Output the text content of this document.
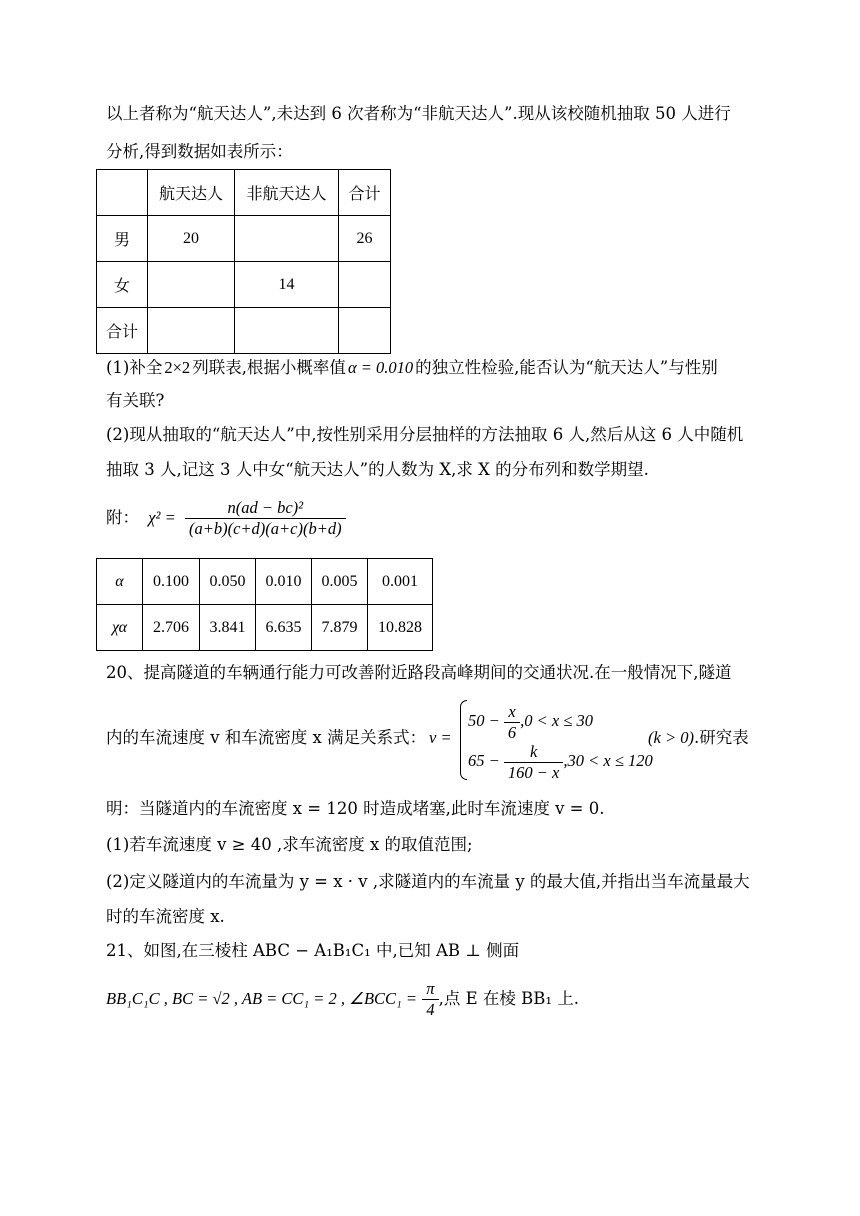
以上者称为“航天达人”,未达到 6 次者称为“非航天达人”.现从该校随机抽取 50 人进行
分析,得到数据如表所示：
	航天达人	非航天达人	合计
男	20		26
女		14	
合计			
(1)补全 2×2 列联表,根据小概率值 α = 0.010 的独立性检验,能否认为“航天达人”与性别
有关联?
(2)现从抽取的“航天达人”中,按性别采用分层抽样的方法抽取 6 人,然后从这 6 人中随机
抽取 3 人,记这 3 人中女“航天达人”的人数为 X,求 X 的分布列和数学期望.
附： $\chi^2 = \frac{\text{n(ad − bc)²}}{(a+b)(c+d)(a+c)(b+d)}$
α	0.100	0.050	0.010	0.005	0.001
χα	2.706	3.841	6.635	7.879	10.828
20、提高隧道的车辆通行能力可改善附近路段高峰期间的交通状况.在一般情况下,隧道
内的车流速度 v 和车流密度 x 满足关系式： v =
$50 - \frac{x}{6} ,0 < x \le 30$
$65 - \frac{k}{160 - x} ,30 < x \le 120$
(k > 0).研究表
明：当隧道内的车流密度 x = 120 时造成堵塞,此时车流速度 v = 0.
(1)若车流速度 v ≥ 40 ,求车流密度 x 的取值范围;
(2)定义隧道内的车流量为 y = x · v ,求隧道内的车流量 y 的最大值,并指出当车流量最大
时的车流密度 x.
21、如图,在三棱柱 ABC − A₁B₁C₁ 中,已知 AB ⊥ 侧面
BB₁C₁C , BC = √2 , AB = CC₁ = 2 , ∠BCC₁ = $\frac{\pi}{4}$ ,点 E 在棱 BB₁ 上.
